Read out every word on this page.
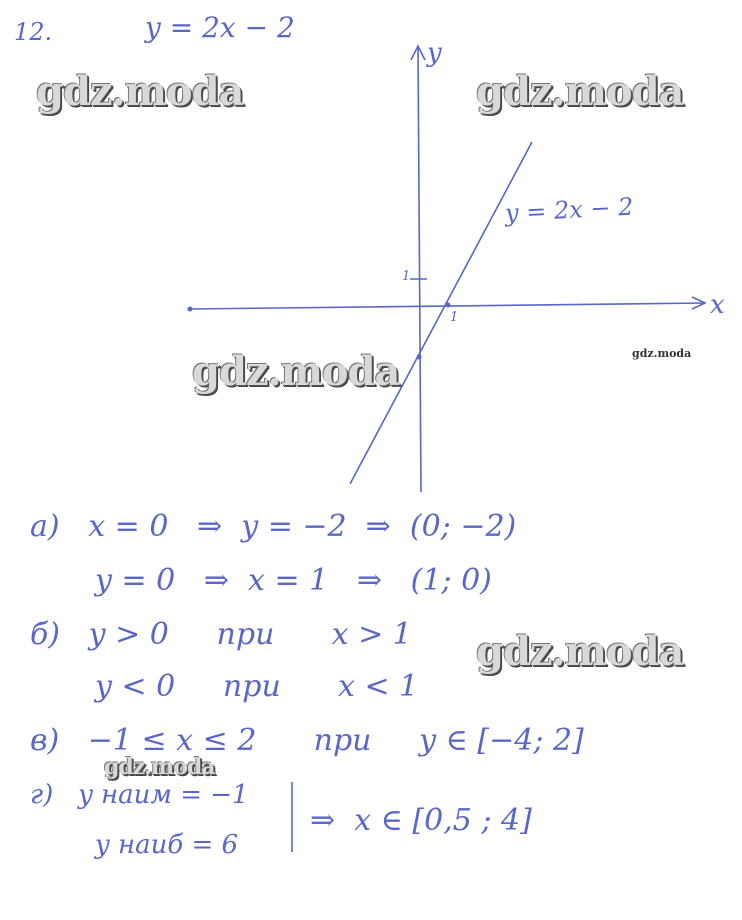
12.	y = 2x − 2
y
x
1
1
y = 2x − 2
а)   x = 0   ⇒  y = −2  ⇒  (0; −2)
y = 0   ⇒  x = 1   ⇒   (1; 0)
б)   y > 0     при      x > 1
y < 0     при      x < 1
в)   −1 ≤ x ≤ 2      при     y ∈ [−4; 2]
г)   y наим = −1
y наиб = 6
⇒  x ∈ [0,5 ; 4]
gdz.moda	gdz.moda
gdz.moda	gdz.moda
gdz.moda
gdz.moda
